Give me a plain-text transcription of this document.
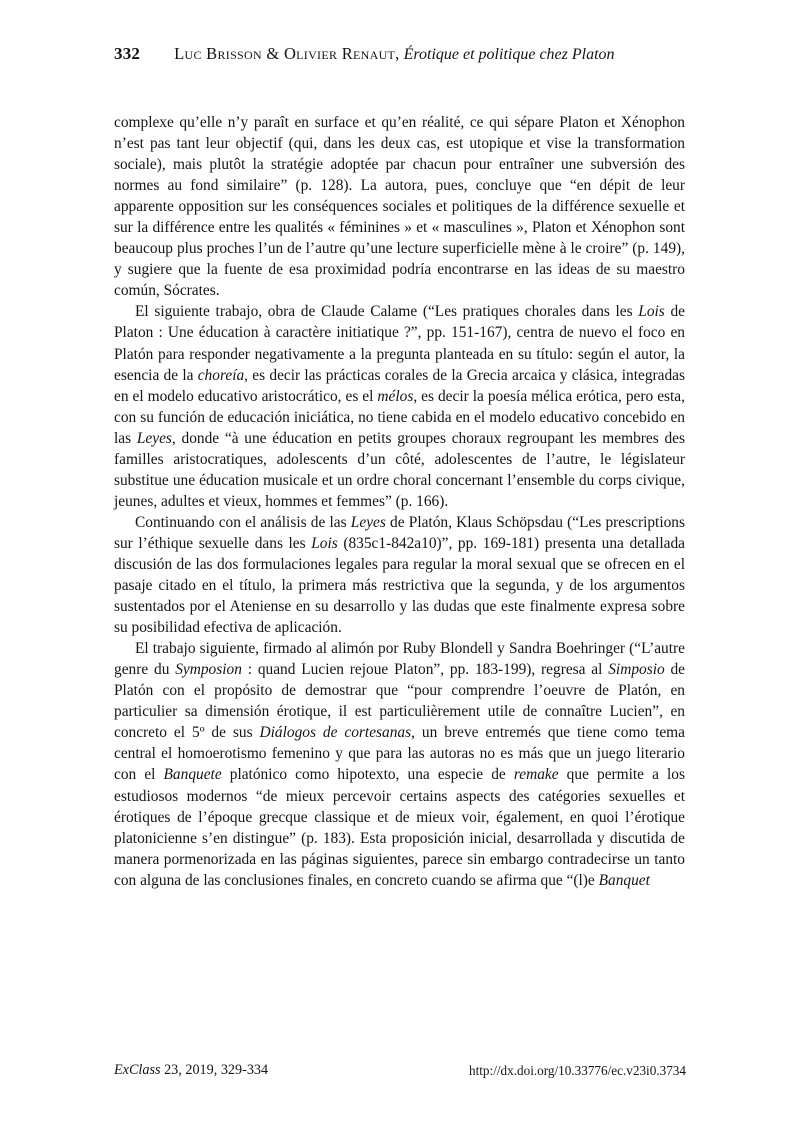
332 Luc Brisson & Olivier Renaut, Érotique et politique chez Platon

complexe qu’elle n’y paraît en surface et qu’en réalité, ce qui sépare Platon et Xénophon n’est pas tant leur objectif (qui, dans les deux cas, est utopique et vise la transformation sociale), mais plutôt la stratégie adoptée par chacun pour entraîner une subversión des normes au fond similaire” (p. 128). La autora, pues, concluye que “en dépit de leur apparente opposition sur les conséquences sociales et politiques de la différence sexuelle et sur la différence entre les qualités « féminines » et « masculines », Platon et Xénophon sont beaucoup plus proches l’un de l’autre qu’une lecture superficielle mène à le croire” (p. 149), y sugiere que la fuente de esa proximidad podría encontrarse en las ideas de su maestro común, Sócrates.

El siguiente trabajo, obra de Claude Calame (“Les pratiques chorales dans les Lois de Platon : Une éducation à caractère initiatique ?”, pp. 151-167), centra de nuevo el foco en Platón para responder negativamente a la pregunta planteada en su título: según el autor, la esencia de la choreía, es decir las prácticas corales de la Grecia arcaica y clásica, integradas en el modelo educativo aristocrático, es el mélos, es decir la poesía mélica erótica, pero esta, con su función de educación iniciática, no tiene cabida en el modelo educativo concebido en las Leyes, donde “à une éducation en petits groupes choraux regroupant les membres des familles aristocratiques, adolescents d’un côté, adolescentes de l’autre, le législateur substitue une éducation musicale et un ordre choral concernant l’ensemble du corps civique, jeunes, adultes et vieux, hommes et femmes” (p. 166).

Continuando con el análisis de las Leyes de Platón, Klaus Schöpsdau (“Les prescriptions sur l’éthique sexuelle dans les Lois (835c1-842a10)”, pp. 169-181) presenta una detallada discusión de las dos formulaciones legales para regular la moral sexual que se ofrecen en el pasaje citado en el título, la primera más restrictiva que la segunda, y de los argumentos sustentados por el Ateniense en su desarrollo y las dudas que este finalmente expresa sobre su posibilidad efectiva de aplicación.

El trabajo siguiente, firmado al alimón por Ruby Blondell y Sandra Boehringer (“L’autre genre du Symposion : quand Lucien rejoue Platon”, pp. 183-199), regresa al Simposio de Platón con el propósito de demostrar que “pour comprendre l’oeuvre de Platón, en particulier sa dimensión érotique, il est particulièrement utile de connaître Lucien”, en concreto el 5º de sus Diálogos de cortesanas, un breve entremés que tiene como tema central el homoerotismo femenino y que para las autoras no es más que un juego literario con el Banquete platónico como hipotexto, una especie de remake que permite a los estudiosos modernos “de mieux percevoir certains aspects des catégories sexuelles et érotiques de l’époque grecque classique et de mieux voir, également, en quoi l’érotique platonicienne s’en distingue” (p. 183). Esta proposición inicial, desarrollada y discutida de manera pormenorizada en las páginas siguientes, parece sin embargo contradecirse un tanto con alguna de las conclusiones finales, en concreto cuando se afirma que “(l)e Banquet

ExClass 23, 2019, 329-334	http://dx.doi.org/10.33776/ec.v23i0.3734
